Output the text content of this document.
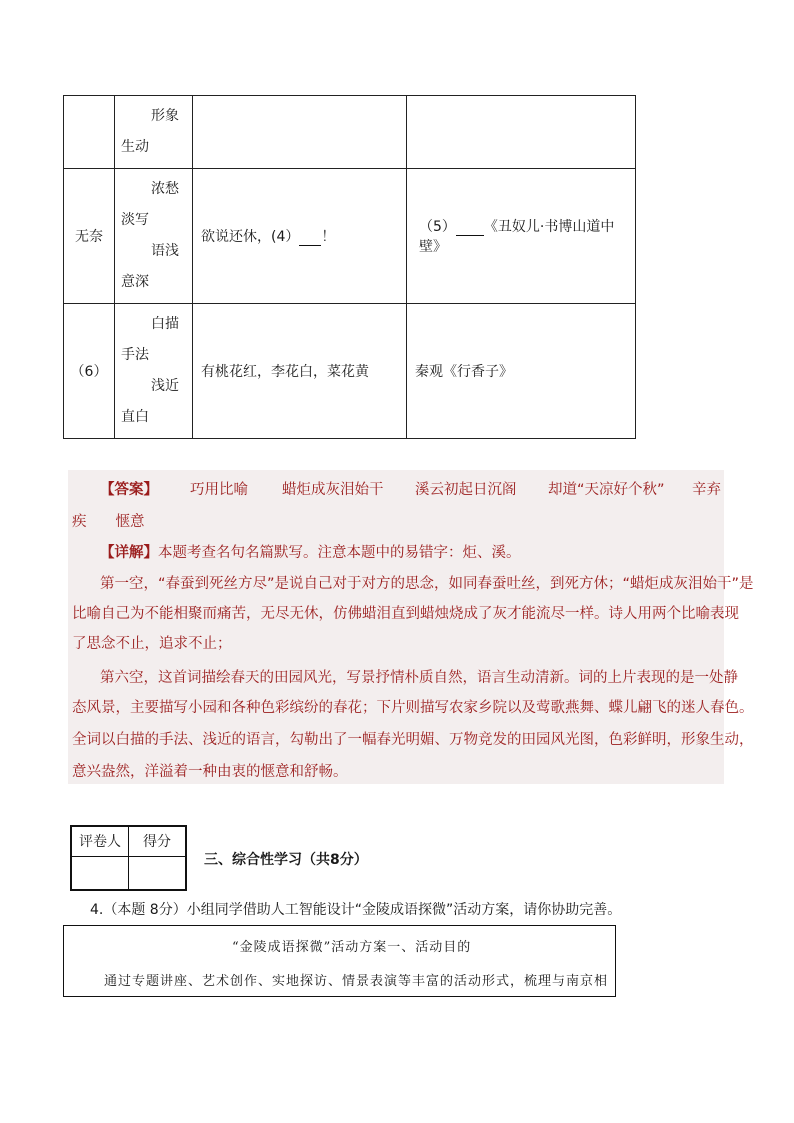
	形象
生动		

无奈	浓愁
淡写
语浅
意深	欲说还休，(4） ！	（5） 《丑奴儿·书博山道中壁》
（6）	白描
手法
浅近
直白	有桃花红，李花白，菜花黄	秦观《行香子》
【答案】 巧用比喻 蜡炬成灰泪始干 溪云初起日沉阁 却道“天凉好个秋” 辛弃
疾　　惬意
【详解】本题考查名句名篇默写。注意本题中的易错字：炬、溪。
第一空，“春蚕到死丝方尽”是说自己对于对方的思念，如同春蚕吐丝，到死方休；“蜡炬成灰泪始干”是
比喻自己为不能相聚而痛苦，无尽无休，仿佛蜡泪直到蜡烛烧成了灰才能流尽一样。诗人用两个比喻表现
了思念不止，追求不止；
第六空，这首词描绘春天的田园风光，写景抒情朴质自然，语言生动清新。词的上片表现的是一处静
态风景，主要描写小园和各种色彩缤纷的春花；下片则描写农家乡院以及莺歌燕舞、蝶儿翩飞的迷人春色。
全词以白描的手法、浅近的语言，勾勒出了一幅春光明媚、万物竞发的田园风光图，色彩鲜明，形象生动，
意兴盎然，洋溢着一种由衷的惬意和舒畅。
评卷人	得分

三、综合性学习（共8分）
4.（本题 8分）小组同学借助人工智能设计“金陵成语探微”活动方案，请你协助完善。
“金陵成语探微”活动方案一、活动目的
通过专题讲座、艺术创作、实地探访、情景表演等丰富的活动形式，梳理与南京相
